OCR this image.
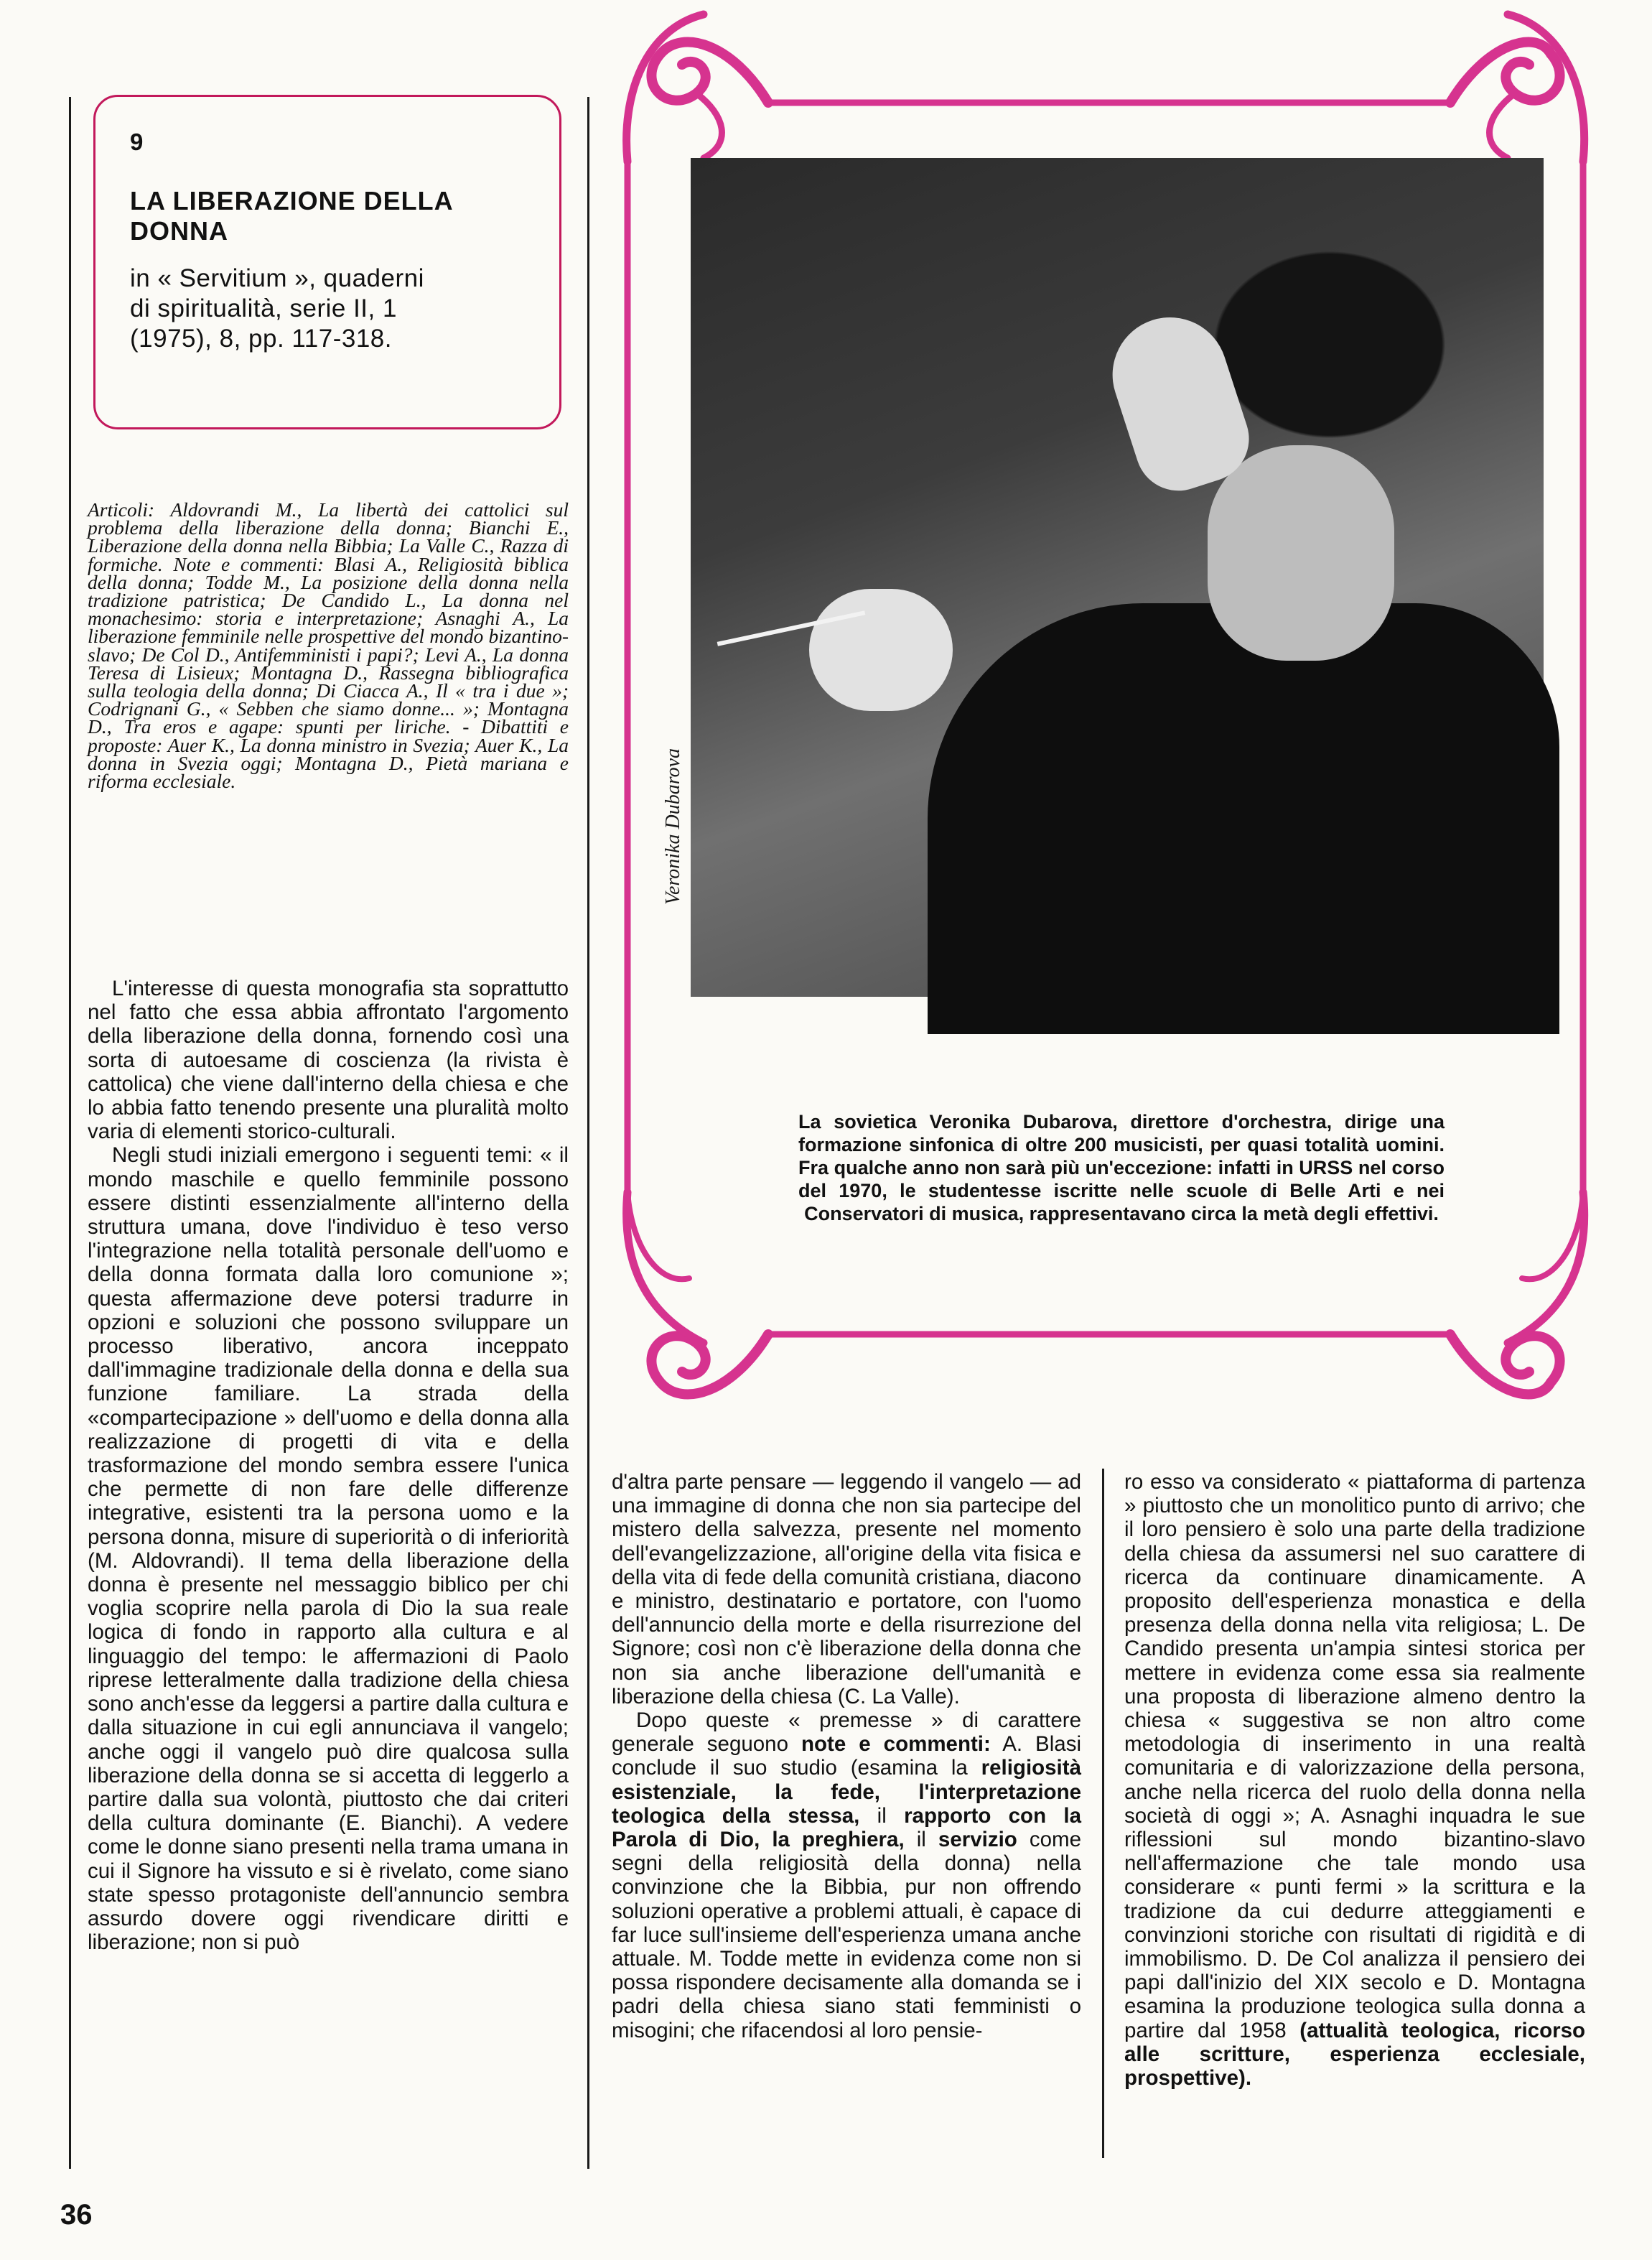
9
LA LIBERAZIONE DELLA
DONNA
in « Servitium », quaderni
di spiritualità, serie II, 1
(1975), 8, pp. 117-318.
Articoli: Aldovrandi M., La libertà dei cattolici sul problema della liberazione della donna; Bianchi E., Liberazione della donna nella Bibbia; La Valle C., Razza di formiche. Note e commenti: Blasi A., Religiosità biblica della donna; Todde M., La posizione della donna nella tradizione patristica; De Candido L., La donna nel monachesimo: storia e interpretazione; Asnaghi A., La liberazione femminile nelle prospettive del mondo bizantino-slavo; De Col D., Antifemministi i papi?; Levi A., La donna Teresa di Lisieux; Montagna D., Rassegna bibliografica sulla teologia della donna; Di Ciacca A., Il « tra i due »; Codrignani G., « Sebben che siamo donne... »; Montagna D., Tra eros e agape: spunti per liriche. - Dibattiti e proposte: Auer K., La donna ministro in Svezia; Auer K., La donna in Svezia oggi; Montagna D., Pietà mariana e riforma ecclesiale.

L'interesse di questa monografia sta soprattutto nel fatto che essa abbia affrontato l'argomento della liberazione della donna, fornendo così una sorta di autoesame di coscienza (la rivista è cattolica) che viene dall'interno della chiesa e che lo abbia fatto tenendo presente una pluralità molto varia di elementi storico-culturali.

Negli studi iniziali emergono i seguenti temi: « il mondo maschile e quello femminile possono essere distinti essenzialmente all'interno della struttura umana, dove l'individuo è teso verso l'integrazione nella totalità personale dell'uomo e della donna formata dalla loro comunione »; questa affermazione deve potersi tradurre in opzioni e soluzioni che possono sviluppare un processo liberativo, ancora inceppato dall'immagine tradizionale della donna e della sua funzione familiare. La strada della «compartecipazione » dell'uomo e della donna alla realizzazione di progetti di vita e della trasformazione del mondo sembra essere l'unica che permette di non fare delle differenze integrative, esistenti tra la persona uomo e la persona donna, misure di superiorità o di inferiorità (M. Aldovrandi). Il tema della liberazione della donna è presente nel messaggio biblico per chi voglia scoprire nella parola di Dio la sua reale logica di fondo in rapporto alla cultura e al linguaggio del tempo: le affermazioni di Paolo riprese letteralmente dalla tradizione della chiesa sono anch'esse da leggersi a partire dalla cultura e dalla situazione in cui egli annunciava il vangelo; anche oggi il vangelo può dire qualcosa sulla liberazione della donna se si accetta di leggerlo a partire dalla sua volontà, piuttosto che dai criteri della cultura dominante (E. Bianchi). A vedere come le donne siano presenti nella trama umana in cui il Signore ha vissuto e si è rivelato, come siano state spesso protagoniste dell'annuncio sembra assurdo dovere oggi rivendicare diritti e liberazione; non si può

d'altra parte pensare — leggendo il vangelo — ad una immagine di donna che non sia partecipe del mistero della salvezza, presente nel momento dell'evangelizzazione, all'origine della vita fisica e della vita di fede della comunità cristiana, diacono e ministro, destinatario e portatore, con l'uomo dell'annuncio della morte e della risurrezione del Signore; così non c'è liberazione della donna che non sia anche liberazione dell'umanità e liberazione della chiesa (C. La Valle).

Dopo queste « premesse » di carattere generale seguono note e commenti: A. Blasi conclude il suo studio (esamina la religiosità esistenziale, la fede, l'interpretazione teologica della stessa, il rapporto con la Parola di Dio, la preghiera, il servizio come segni della religiosità della donna) nella convinzione che la Bibbia, pur non offrendo soluzioni operative a problemi attuali, è capace di far luce sull'insieme dell'esperienza umana anche attuale. M. Todde mette in evidenza come non si possa rispondere decisamente alla domanda se i padri della chiesa siano stati femministi o misogini; che rifacendosi al loro pensie-

ro esso va considerato « piattaforma di partenza » piuttosto che un monolitico punto di arrivo; che il loro pensiero è solo una parte della tradizione della chiesa da assumersi nel suo carattere di ricerca da continuare dinamicamente. A proposito dell'esperienza monastica e della presenza della donna nella vita religiosa; L. De Candido presenta un'ampia sintesi storica per mettere in evidenza come essa sia realmente una proposta di liberazione almeno dentro la chiesa « suggestiva se non altro come metodologia di inserimento in una realtà comunitaria e di valorizzazione della persona, anche nella ricerca del ruolo della donna nella società di oggi »; A. Asnaghi inquadra le sue riflessioni sul mondo bizantino-slavo nell'affermazione che tale mondo usa considerare « punti fermi » la scrittura e la tradizione da cui dedurre atteggiamenti e convinzioni storiche con risultati di rigidità e di immobilismo. D. De Col analizza il pensiero dei papi dall'inizio del XIX secolo e D. Montagna esamina la produzione teologica sulla donna a partire dal 1958 (attualità teologica, ricorso alle scritture, esperienza ecclesiale, prospettive).

Veronika Dubarova
La sovietica Veronika Dubarova, direttore d'orchestra, dirige una formazione sinfonica di oltre 200 musicisti, per quasi totalità uomini. Fra qualche anno non sarà più un'eccezione: infatti in URSS nel corso del 1970, le studentesse iscritte nelle scuole di Belle Arti e nei Conservatori di musica, rappresentavano circa la metà degli effettivi.
36
